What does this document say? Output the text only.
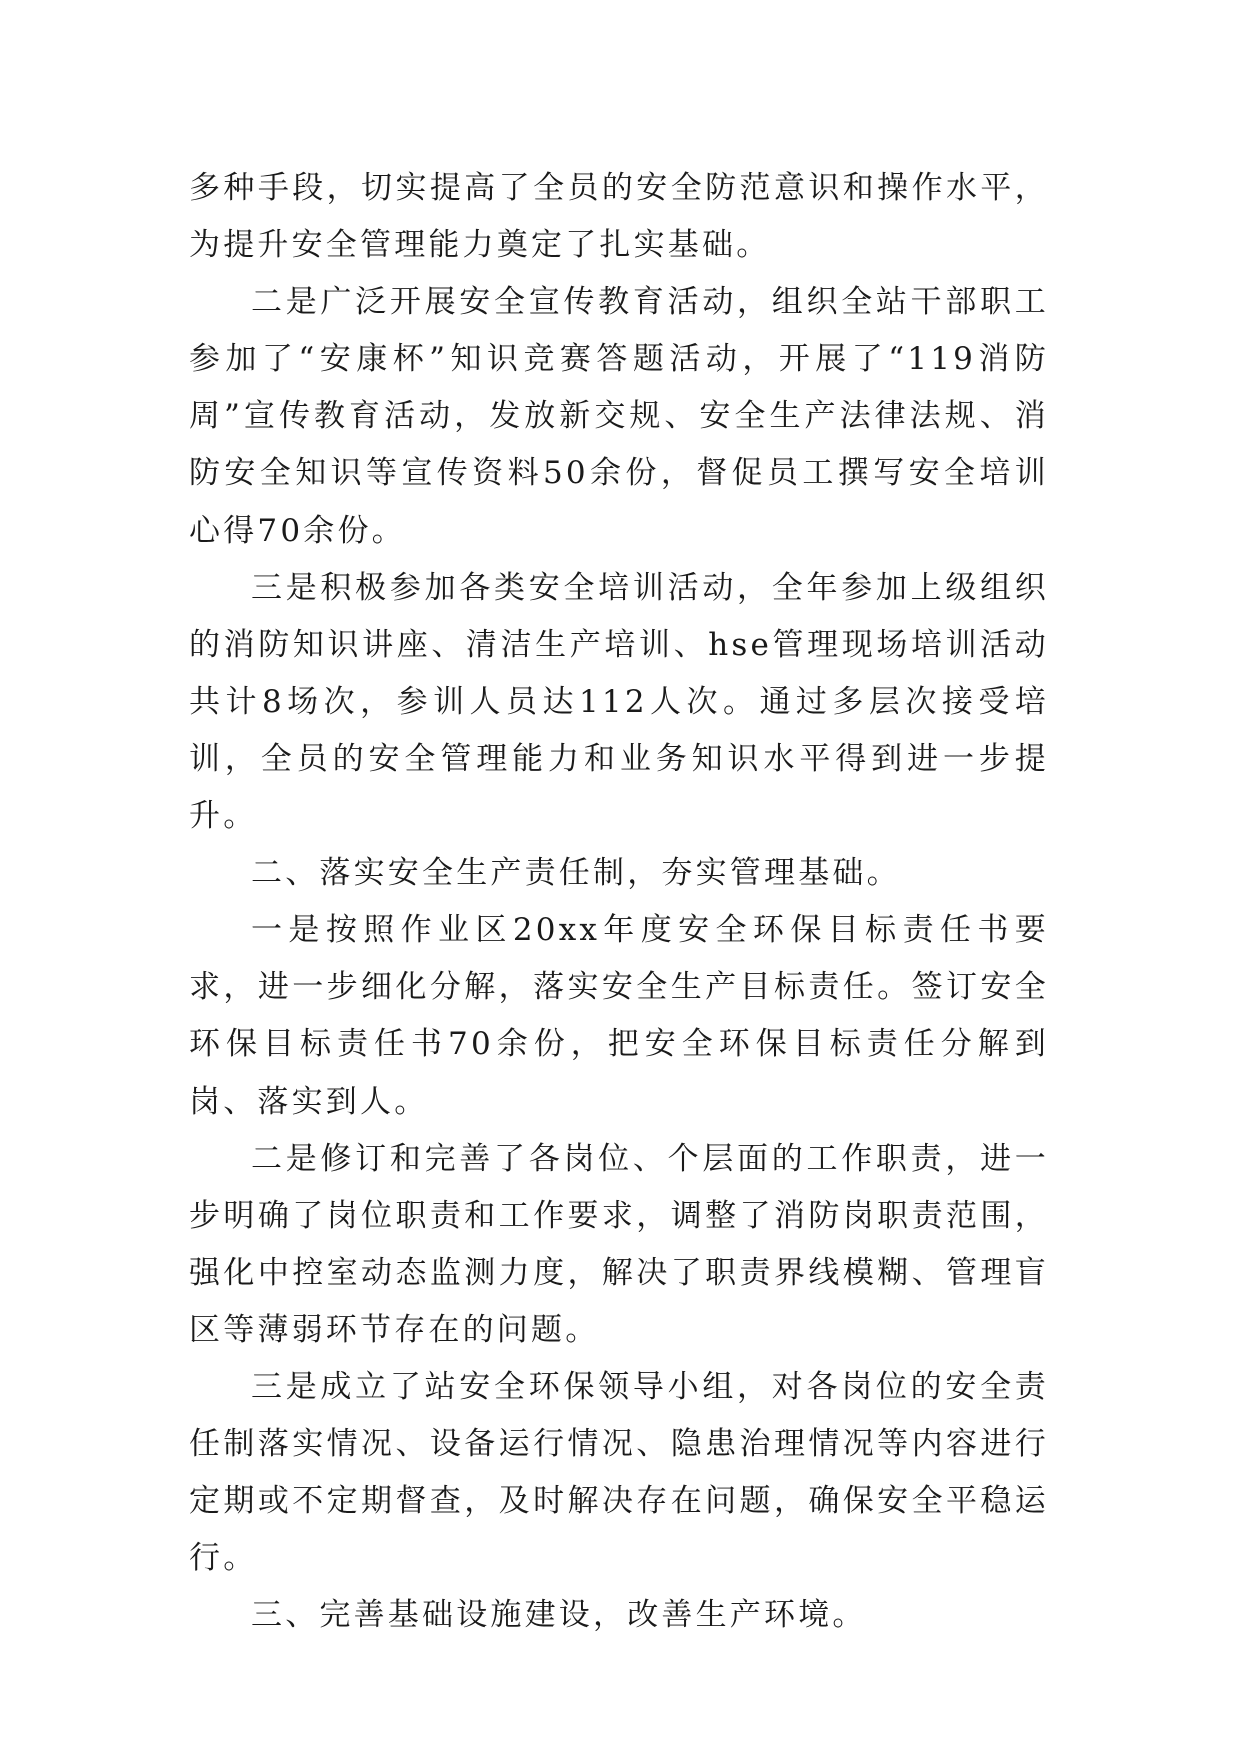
多种手段，切实提高了全员的安全防范意识和操作水平，为提升安全管理能力奠定了扎实基础。

二是广泛开展安全宣传教育活动，组织全站干部职工参加了“安康杯”知识竞赛答题活动，开展了“119消防周”宣传教育活动，发放新交规、安全生产法律法规、消防安全知识等宣传资料50余份，督促员工撰写安全培训心得70余份。

三是积极参加各类安全培训活动，全年参加上级组织的消防知识讲座、清洁生产培训、hse管理现场培训活动共计8场次，参训人员达112人次。通过多层次接受培训，全员的安全管理能力和业务知识水平得到进一步提升。

二、落实安全生产责任制，夯实管理基础。

一是按照作业区20xx年度安全环保目标责任书要求，进一步细化分解，落实安全生产目标责任。签订安全环保目标责任书70余份，把安全环保目标责任分解到岗、落实到人。

二是修订和完善了各岗位、个层面的工作职责，进一步明确了岗位职责和工作要求，调整了消防岗职责范围，强化中控室动态监测力度，解决了职责界线模糊、管理盲区等薄弱环节存在的问题。

三是成立了站安全环保领导小组，对各岗位的安全责任制落实情况、设备运行情况、隐患治理情况等内容进行定期或不定期督查，及时解决存在问题，确保安全平稳运行。

三、完善基础设施建设，改善生产环境。
